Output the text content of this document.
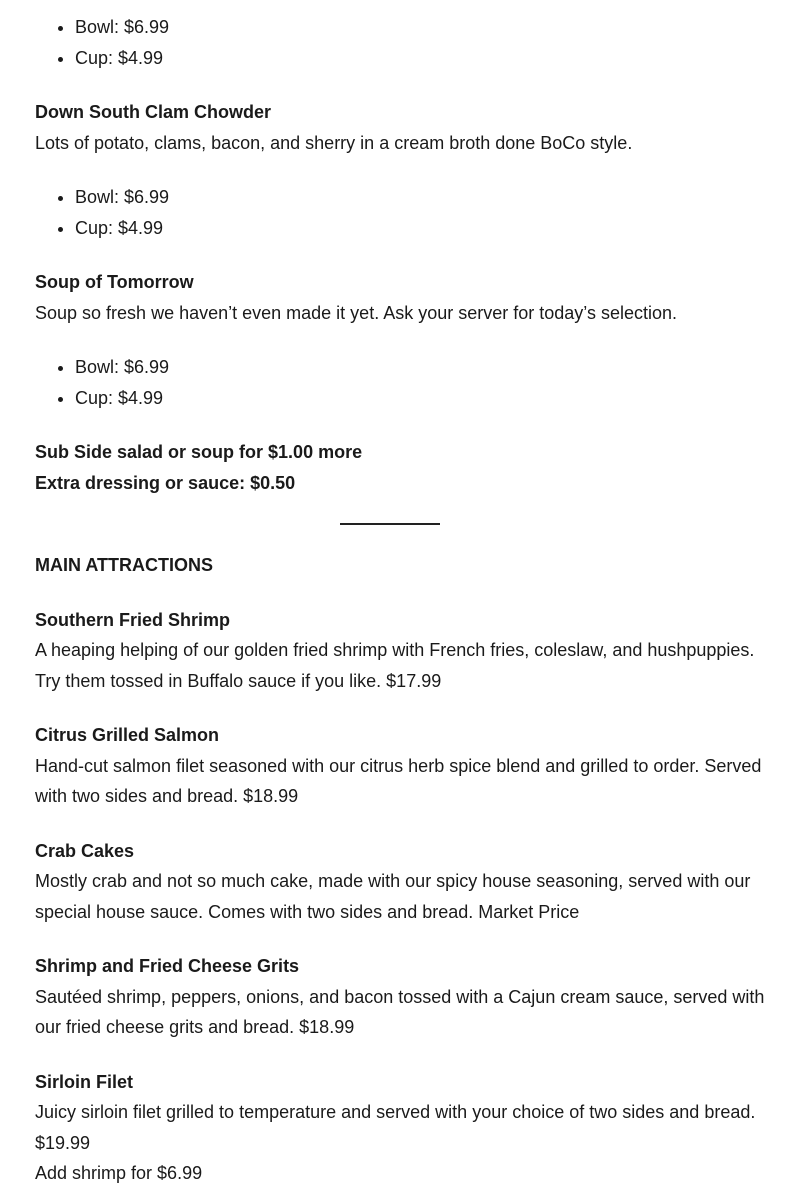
• Bowl: $6.99
• Cup: $4.99

Down South Clam Chowder

Lots of potato, clams, bacon, and sherry in a cream broth done BoCo style.

• Bowl: $6.99
• Cup: $4.99

Soup of Tomorrow

Soup so fresh we haven’t even made it yet. Ask your server for today’s selection.

• Bowl: $6.99
• Cup: $4.99

Sub Side salad or soup for $1.00 more

Extra dressing or sauce: $0.50

MAIN ATTRACTIONS

Southern Fried Shrimp

A heaping helping of our golden fried shrimp with French fries, coleslaw, and hushpuppies. Try them tossed in Buffalo sauce if you like. $17.99

Citrus Grilled Salmon

Hand-cut salmon filet seasoned with our citrus herb spice blend and grilled to order. Served with two sides and bread. $18.99

Crab Cakes

Mostly crab and not so much cake, made with our spicy house seasoning, served with our special house sauce. Comes with two sides and bread. Market Price

Shrimp and Fried Cheese Grits

Sautéed shrimp, peppers, onions, and bacon tossed with a Cajun cream sauce, served with our fried cheese grits and bread. $18.99

Sirloin Filet

Juicy sirloin filet grilled to temperature and served with your choice of two sides and bread. $19.99

Add shrimp for $6.99
